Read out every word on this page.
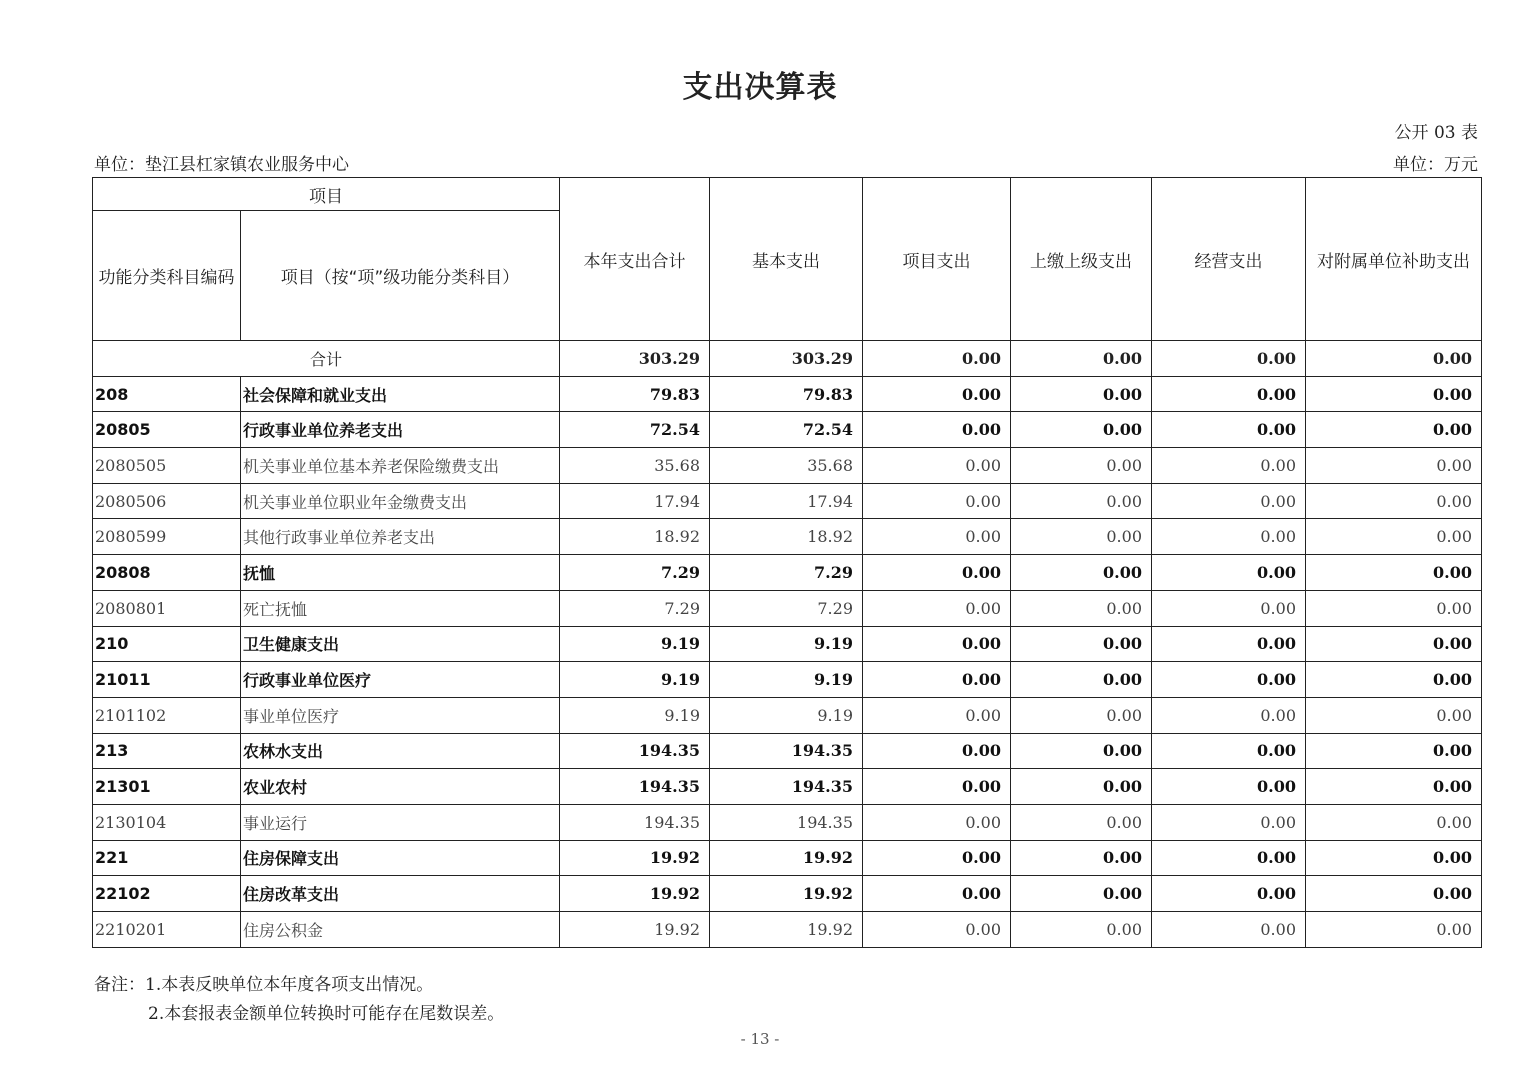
支出决算表
公开 03 表
单位：垫江县杠家镇农业服务中心	单位：万元
项目		本年支出合计	基本支出	项目支出	上缴上级支出	经营支出	对附属单位补助支出
功能分类科目编码	项目（按“项”级功能分类科目）						
合计		303.29	303.29	0.00	0.00	0.00	0.00
208	社会保障和就业支出	79.83	79.83	0.00	0.00	0.00	0.00
20805	行政事业单位养老支出	72.54	72.54	0.00	0.00	0.00	0.00
2080505	机关事业单位基本养老保险缴费支出	35.68	35.68	0.00	0.00	0.00	0.00
2080506	机关事业单位职业年金缴费支出	17.94	17.94	0.00	0.00	0.00	0.00
2080599	其他行政事业单位养老支出	18.92	18.92	0.00	0.00	0.00	0.00
20808	抚恤	7.29	7.29	0.00	0.00	0.00	0.00
2080801	死亡抚恤	7.29	7.29	0.00	0.00	0.00	0.00
210	卫生健康支出	9.19	9.19	0.00	0.00	0.00	0.00
21011	行政事业单位医疗	9.19	9.19	0.00	0.00	0.00	0.00
2101102	事业单位医疗	9.19	9.19	0.00	0.00	0.00	0.00
213	农林水支出	194.35	194.35	0.00	0.00	0.00	0.00
21301	农业农村	194.35	194.35	0.00	0.00	0.00	0.00
2130104	事业运行	194.35	194.35	0.00	0.00	0.00	0.00
221	住房保障支出	19.92	19.92	0.00	0.00	0.00	0.00
22102	住房改革支出	19.92	19.92	0.00	0.00	0.00	0.00
2210201	住房公积金	19.92	19.92	0.00	0.00	0.00	0.00
备注：1.本表反映单位本年度各项支出情况。
2.本套报表金额单位转换时可能存在尾数误差。
- 13 -
